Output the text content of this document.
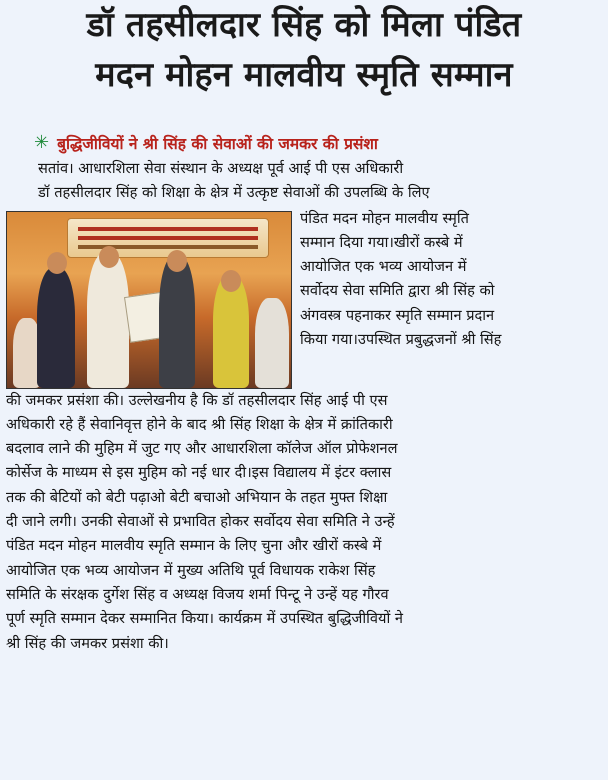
डॉ तहसीलदार सिंह को मिला पंडित
मदन मोहन मालवीय स्मृति सम्मान
✳ बुद्धिजीवियों ने श्री सिंह की सेवाओं की जमकर की प्रसंशा
सतांव। आधारशिला सेवा संस्थान के अध्यक्ष पूर्व आई पी एस अधिकारी
डॉ तहसीलदार सिंह को शिक्षा के क्षेत्र में उत्कृष्ट सेवाओं की उपलब्धि के लिए
पंडित मदन मोहन मालवीय स्मृति
सम्मान दिया गया।खीरों कस्बे में
आयोजित एक भव्य आयोजन में
सर्वोदय सेवा समिति द्वारा श्री सिंह को
अंगवस्त्र पहनाकर स्मृति सम्मान प्रदान
किया गया।उपस्थित प्रबुद्धजनों श्री सिंह
की जमकर प्रसंशा की। उल्लेखनीय है कि डॉ तहसीलदार सिंह आई पी एस
अधिकारी रहे हैं सेवानिवृत्त होने के बाद श्री सिंह शिक्षा के क्षेत्र में क्रांतिकारी
बदलाव लाने की मुहिम में जुट गए और आधारशिला कॉलेज ऑल प्रोफेशनल
कोर्सेज के माध्यम से इस मुहिम को नई धार दी।इस विद्यालय में इंटर क्लास
तक की बेटियों को बेटी पढ़ाओ बेटी बचाओ अभियान के तहत मुफ्त शिक्षा
दी जाने लगी। उनकी सेवाओं से प्रभावित होकर सर्वोदय सेवा समिति ने उन्हें
पंडित मदन मोहन मालवीय स्मृति सम्मान के लिए चुना और खीरों कस्बे में
आयोजित एक भव्य आयोजन में मुख्य अतिथि पूर्व विधायक राकेश सिंह
समिति के संरक्षक दुर्गेश सिंह व अध्यक्ष विजय शर्मा पिन्टू ने उन्हें यह गौरव
पूर्ण स्मृति सम्मान देकर सम्मानित किया। कार्यक्रम में उपस्थित बुद्धिजीवियों ने
श्री सिंह की जमकर प्रसंशा की।
